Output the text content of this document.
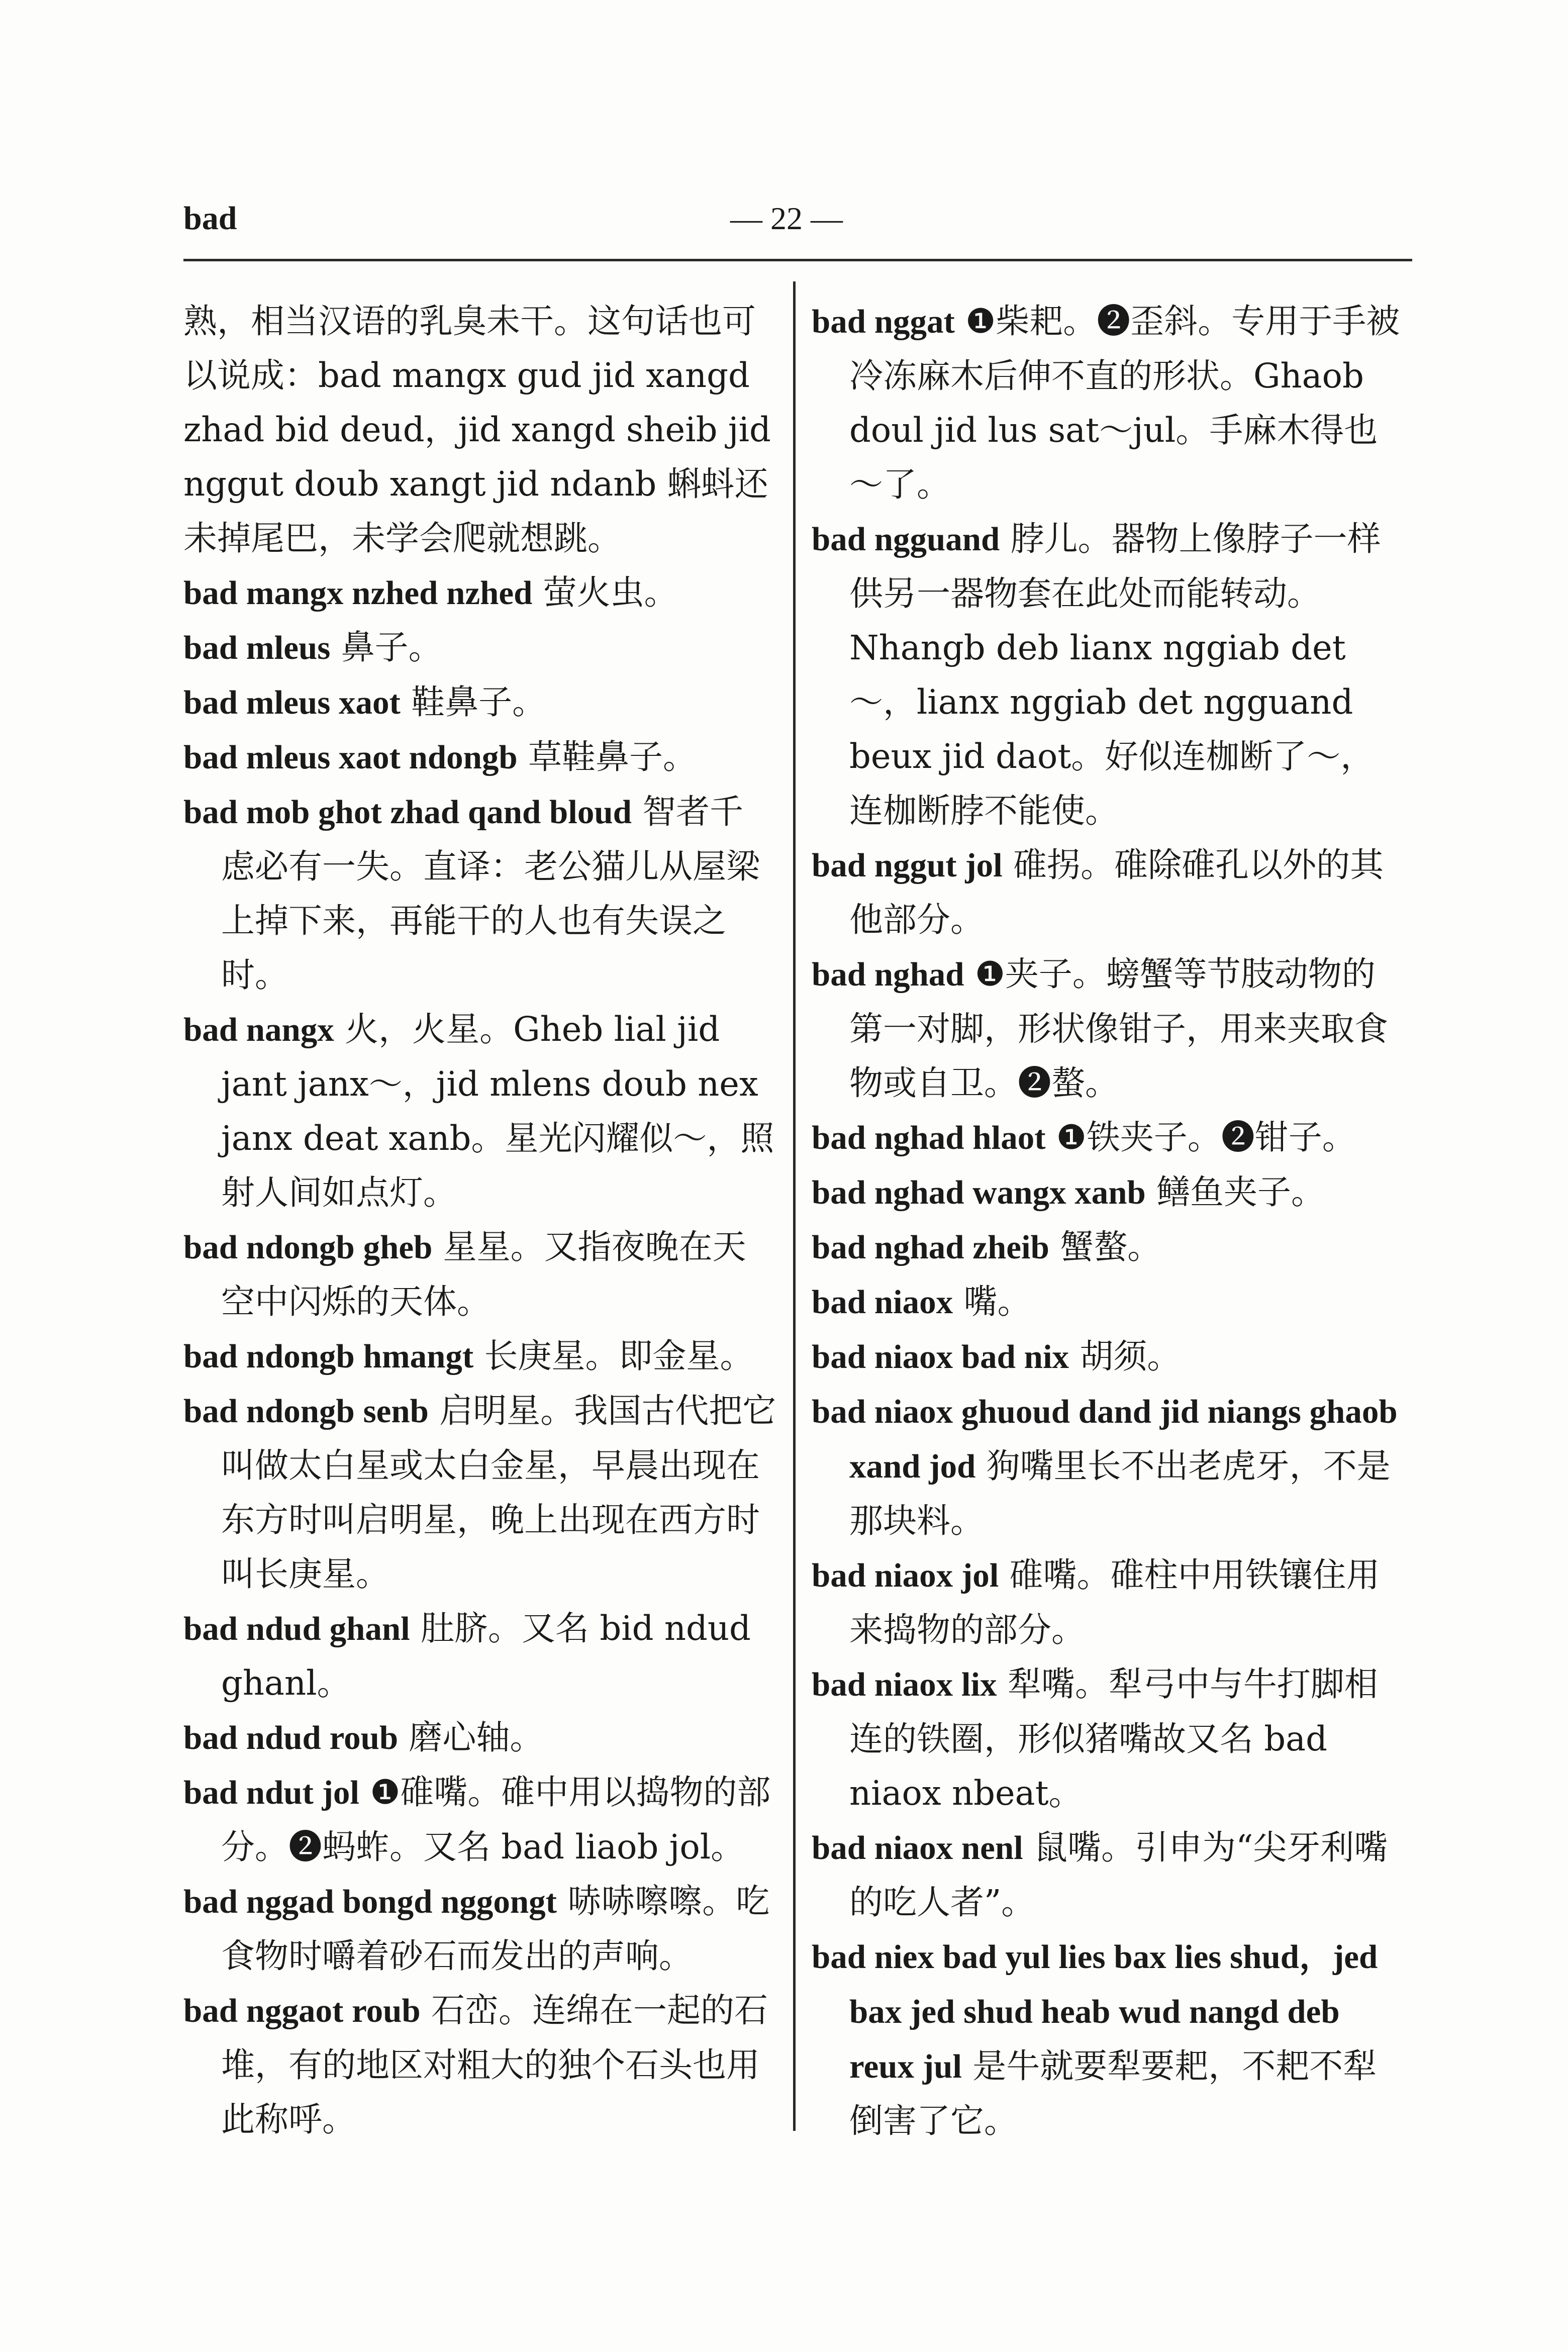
— 22 —
bad

熟，相当汉语的乳臭未干。这句话也可以说成：bad mangx gud jid xangd zhad bid deud，jid xangd sheib jid nggut doub xangt jid ndanb 蝌蚪还未掉尾巴，未学会爬就想跳。

bad mangx nzhed nzhed 萤火虫。

bad mleus 鼻子。

bad mleus xaot 鞋鼻子。

bad mleus xaot ndongb 草鞋鼻子。

bad mob ghot zhad qand bloud 智者千虑必有一失。直译：老公猫儿从屋梁上掉下来，再能干的人也有失误之时。

bad nangx 火，火星。Gheb lial jid jant janx～，jid mlens doub nex janx deat xanb。星光闪耀似～，照射人间如点灯。

bad ndongb gheb 星星。又指夜晚在天空中闪烁的天体。

bad ndongb hmangt 长庚星。即金星。

bad ndongb senb 启明星。我国古代把它叫做太白星或太白金星，早晨出现在东方时叫启明星，晚上出现在西方时叫长庚星。

bad ndud ghanl 肚脐。又名 bid ndud ghanl。

bad ndud roub 磨心轴。

bad ndut jol ❶碓嘴。碓中用以捣物的部分。❷蚂蚱。又名 bad liaob jol。

bad nggad bongd nggongt 哧哧嚓嚓。吃食物时嚼着砂石而发出的声响。

bad nggaot roub 石峦。连绵在一起的石堆，有的地区对粗大的独个石头也用此称呼。

bad nggat ❶柴耙。❷歪斜。专用于手被冷冻麻木后伸不直的形状。Ghaob doul jid lus sat～jul。手麻木得也～了。

bad ngguand 脖儿。器物上像脖子一样供另一器物套在此处而能转动。Nhangb deb lianx nggiab det～，lianx nggiab det ngguand beux jid daot。好似连枷断了～，连枷断脖不能使。

bad nggut jol 碓拐。碓除碓孔以外的其他部分。

bad nghad ❶夹子。螃蟹等节肢动物的第一对脚，形状像钳子，用来夹取食物或自卫。❷螯。

bad nghad hlaot ❶铁夹子。❷钳子。

bad nghad wangx xanb 鳝鱼夹子。

bad nghad zheib 蟹螯。

bad niaox 嘴。

bad niaox bad nix 胡须。

bad niaox ghuoud dand jid niangs ghaob xand jod 狗嘴里长不出老虎牙，不是那块料。

bad niaox jol 碓嘴。碓柱中用铁镶住用来捣物的部分。

bad niaox lix 犁嘴。犁弓中与牛打脚相连的铁圈，形似猪嘴故又名 bad niaox nbeat。

bad niaox nenl 鼠嘴。引申为“尖牙利嘴的吃人者”。

bad niex bad yul lies bax lies shud，jed bax jed shud heab wud nangd deb reux jul 是牛就要犁要耙，不耙不犁倒害了它。
